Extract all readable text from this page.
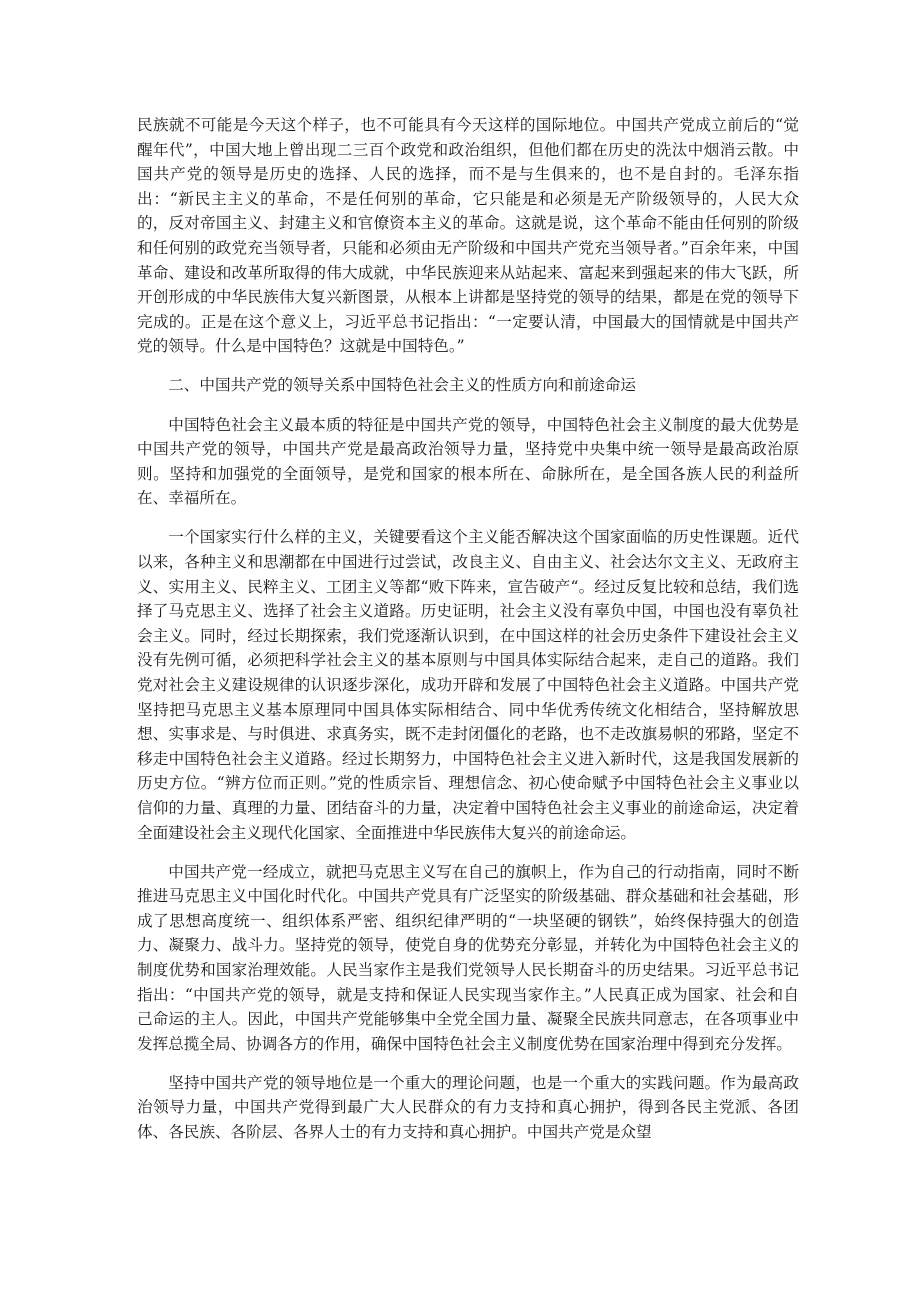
民族就不可能是今天这个样子，也不可能具有今天这样的国际地位。中国共产党成立前后的“觉醒年代”，中国大地上曾出现二三百个政党和政治组织，但他们都在历史的洗汰中烟消云散。中国共产党的领导是历史的选择、人民的选择，而不是与生俱来的，也不是自封的。毛泽东指出：“新民主主义的革命，不是任何别的革命，它只能是和必须是无产阶级领导的，人民大众的，反对帝国主义、封建主义和官僚资本主义的革命。这就是说，这个革命不能由任何别的阶级和任何别的政党充当领导者，只能和必须由无产阶级和中国共产党充当领导者。”百余年来，中国革命、建设和改革所取得的伟大成就，中华民族迎来从站起来、富起来到强起来的伟大飞跃，所开创形成的中华民族伟大复兴新图景，从根本上讲都是坚持党的领导的结果，都是在党的领导下完成的。正是在这个意义上，习近平总书记指出：“一定要认清，中国最大的国情就是中国共产党的领导。什么是中国特色？这就是中国特色。”

二、中国共产党的领导关系中国特色社会主义的性质方向和前途命运

中国特色社会主义最本质的特征是中国共产党的领导，中国特色社会主义制度的最大优势是中国共产党的领导，中国共产党是最高政治领导力量，坚持党中央集中统一领导是最高政治原则。坚持和加强党的全面领导，是党和国家的根本所在、命脉所在，是全国各族人民的利益所在、幸福所在。

一个国家实行什么样的主义，关键要看这个主义能否解决这个国家面临的历史性课题。近代以来，各种主义和思潮都在中国进行过尝试，改良主义、自由主义、社会达尔文主义、无政府主义、实用主义、民粹主义、工团主义等都“败下阵来，宣告破产“。经过反复比较和总结，我们选择了马克思主义、选择了社会主义道路。历史证明，社会主义没有辜负中国，中国也没有辜负社会主义。同时，经过长期探索，我们党逐渐认识到，在中国这样的社会历史条件下建设社会主义没有先例可循，必须把科学社会主义的基本原则与中国具体实际结合起来，走自己的道路。我们党对社会主义建设规律的认识逐步深化，成功开辟和发展了中国特色社会主义道路。中国共产党坚持把马克思主义基本原理同中国具体实际相结合、同中华优秀传统文化相结合，坚持解放思想、实事求是、与时俱进、求真务实，既不走封闭僵化的老路，也不走改旗易帜的邪路，坚定不移走中国特色社会主义道路。经过长期努力，中国特色社会主义进入新时代，这是我国发展新的历史方位。“辨方位而正则。”党的性质宗旨、理想信念、初心使命赋予中国特色社会主义事业以信仰的力量、真理的力量、团结奋斗的力量，决定着中国特色社会主义事业的前途命运，决定着全面建设社会主义现代化国家、全面推进中华民族伟大复兴的前途命运。

中国共产党一经成立，就把马克思主义写在自己的旗帜上，作为自己的行动指南，同时不断推进马克思主义中国化时代化。中国共产党具有广泛坚实的阶级基础、群众基础和社会基础，形成了思想高度统一、组织体系严密、组织纪律严明的“一块坚硬的钢铁”，始终保持强大的创造力、凝聚力、战斗力。坚持党的领导，使党自身的优势充分彰显，并转化为中国特色社会主义的制度优势和国家治理效能。人民当家作主是我们党领导人民长期奋斗的历史结果。习近平总书记指出：“中国共产党的领导，就是支持和保证人民实现当家作主。”人民真正成为国家、社会和自己命运的主人。因此，中国共产党能够集中全党全国力量、凝聚全民族共同意志，在各项事业中发挥总揽全局、协调各方的作用，确保中国特色社会主义制度优势在国家治理中得到充分发挥。

坚持中国共产党的领导地位是一个重大的理论问题，也是一个重大的实践问题。作为最高政治领导力量，中国共产党得到最广大人民群众的有力支持和真心拥护，得到各民主党派、各团体、各民族、各阶层、各界人士的有力支持和真心拥护。中国共产党是众望
